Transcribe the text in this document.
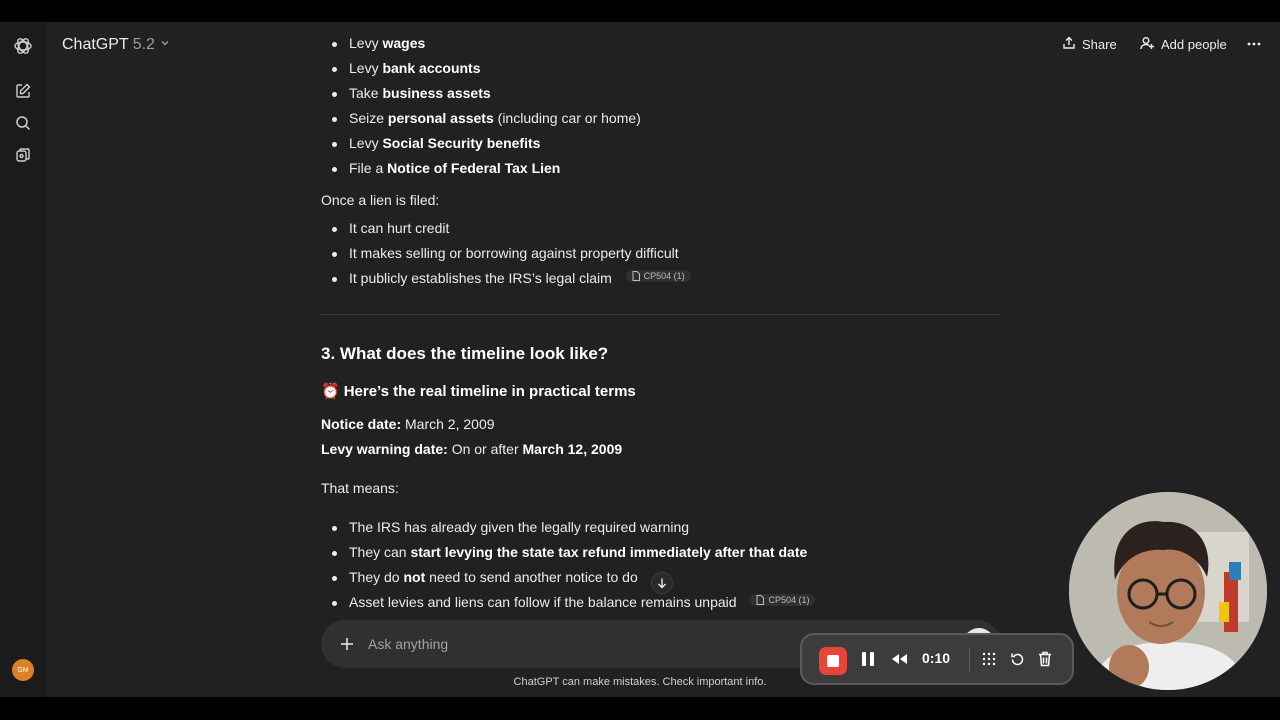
GM
ChatGPT 5.2	Share	Add people
Levy wages
Levy bank accounts
Take business assets
Seize personal assets (including car or home)
Levy Social Security benefits
File a Notice of Federal Tax Lien
Once a lien is filed:
It can hurt credit
It makes selling or borrowing against property difficult
It publicly establishes the IRS’s legal claim	CP504 (1)
3. What does the timeline look like?
⏰ Here’s the real timeline in practical terms
Notice date: March 2, 2009
Levy warning date: On or after March 12, 2009
That means:
The IRS has already given the legally required warning
They can start levying the state tax refund immediately after that date
They do not need to send another notice to do
Asset levies and liens can follow if the balance remains unpaid	CP504 (1)
Ask anything
ChatGPT can make mistakes. Check important info.
0:10
